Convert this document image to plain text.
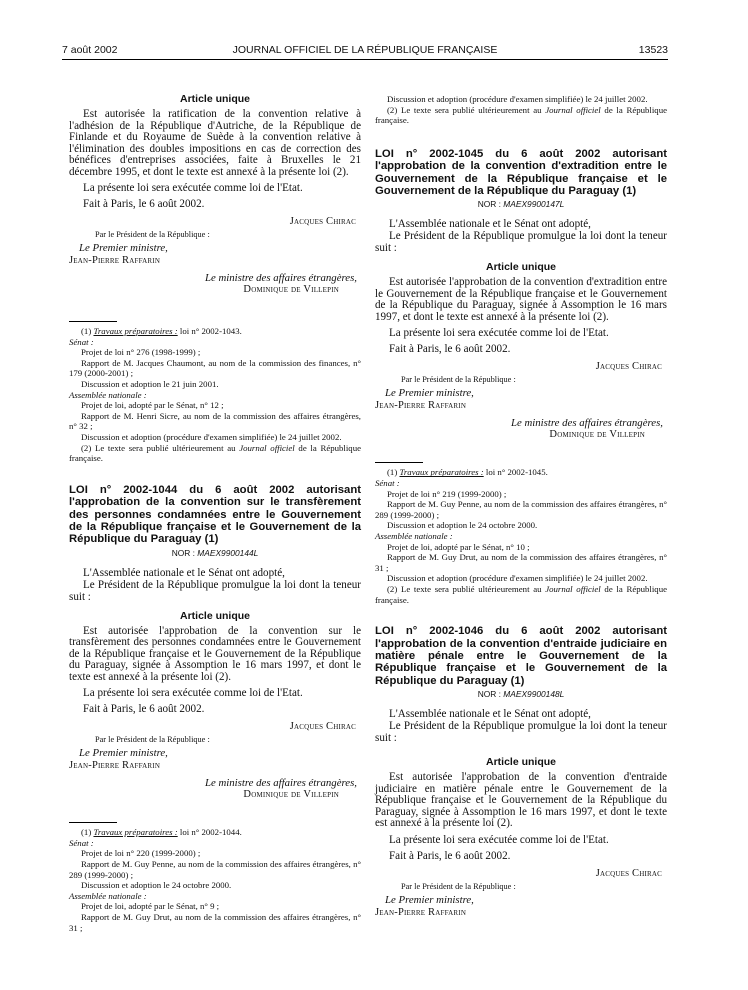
7 août 2002	JOURNAL OFFICIEL DE LA RÉPUBLIQUE FRANÇAISE	13523

Article unique

Est autorisée la ratification de la convention relative à l'adhésion de la République d'Autriche, de la République de Finlande et du Royaume de Suède à la convention relative à l'élimination des doubles impositions en cas de correction des bénéfices d'entreprises associées, faite à Bruxelles le 21 décembre 1995, et dont le texte est annexé à la présente loi (2).

La présente loi sera exécutée comme loi de l'Etat.

Fait à Paris, le 6 août 2002.

Jacques Chirac

Par le Président de la République :

Le Premier ministre,

Jean-Pierre Raffarin

Le ministre des affaires étrangères,

Dominique de Villepin

(1) Travaux préparatoires : loi n° 2002-1043.

Sénat :

Projet de loi n° 276 (1998-1999) ;

Rapport de M. Jacques Chaumont, au nom de la commission des finances, n° 179 (2000-2001) ;

Discussion et adoption le 21 juin 2001.

Assemblée nationale :

Projet de loi, adopté par le Sénat, n° 12 ;

Rapport de M. Henri Sicre, au nom de la commission des affaires étrangères, n° 32 ;

Discussion et adoption (procédure d'examen simplifiée) le 24 juillet 2002.

(2) Le texte sera publié ultérieurement au Journal officiel de la République française.

LOI n° 2002-1044 du 6 août 2002 autorisant l'approbation de la convention sur le transfèrement des personnes condamnées entre le Gouvernement de la République française et le Gouvernement de la République du Paraguay (1)

NOR : MAEX9900144L

L'Assemblée nationale et le Sénat ont adopté,

Le Président de la République promulgue la loi dont la teneur suit :

Article unique

Est autorisée l'approbation de la convention sur le transfèrement des personnes condamnées entre le Gouvernement de la République française et le Gouvernement de la République du Paraguay, signée à Assomption le 16 mars 1997, et dont le texte est annexé à la présente loi (2).

La présente loi sera exécutée comme loi de l'Etat.

Fait à Paris, le 6 août 2002.

Jacques Chirac

Par le Président de la République :

Le Premier ministre,

Jean-Pierre Raffarin

Le ministre des affaires étrangères,

Dominique de Villepin

(1) Travaux préparatoires : loi n° 2002-1044.

Sénat :

Projet de loi n° 220 (1999-2000) ;

Rapport de M. Guy Penne, au nom de la commission des affaires étrangères, n° 289 (1999-2000) ;

Discussion et adoption le 24 octobre 2000.

Assemblée nationale :

Projet de loi, adopté par le Sénat, n° 9 ;

Rapport de M. Guy Drut, au nom de la commission des affaires étrangères, n° 31 ;

Discussion et adoption (procédure d'examen simplifiée) le 24 juillet 2002.

(2) Le texte sera publié ultérieurement au Journal officiel de la République française.

LOI n° 2002-1045 du 6 août 2002 autorisant l'approbation de la convention d'extradition entre le Gouvernement de la République française et le Gouvernement de la République du Paraguay (1)

NOR : MAEX9900147L

L'Assemblée nationale et le Sénat ont adopté,

Le Président de la République promulgue la loi dont la teneur suit :

Article unique

Est autorisée l'approbation de la convention d'extradition entre le Gouvernement de la République française et le Gouvernement de la République du Paraguay, signée à Assomption le 16 mars 1997, et dont le texte est annexé à la présente loi (2).

La présente loi sera exécutée comme loi de l'Etat.

Fait à Paris, le 6 août 2002.

Jacques Chirac

Par le Président de la République :

Le Premier ministre,

Jean-Pierre Raffarin

Le ministre des affaires étrangères,

Dominique de Villepin

(1) Travaux préparatoires : loi n° 2002-1045.

Sénat :

Projet de loi n° 219 (1999-2000) ;

Rapport de M. Guy Penne, au nom de la commission des affaires étrangères, n° 289 (1999-2000) ;

Discussion et adoption le 24 octobre 2000.

Assemblée nationale :

Projet de loi, adopté par le Sénat, n° 10 ;

Rapport de M. Guy Drut, au nom de la commission des affaires étrangères, n° 31 ;

Discussion et adoption (procédure d'examen simplifiée) le 24 juillet 2002.

(2) Le texte sera publié ultérieurement au Journal officiel de la République française.

LOI n° 2002-1046 du 6 août 2002 autorisant l'approbation de la convention d'entraide judiciaire en matière pénale entre le Gouvernement de la République française et le Gouvernement de la République du Paraguay (1)

NOR : MAEX9900148L

L'Assemblée nationale et le Sénat ont adopté,

Le Président de la République promulgue la loi dont la teneur suit :

Article unique

Est autorisée l'approbation de la convention d'entraide judiciaire en matière pénale entre le Gouvernement de la République française et le Gouvernement de la République du Paraguay, signée à Assomption le 16 mars 1997, et dont le texte est annexé à la présente loi (2).

La présente loi sera exécutée comme loi de l'Etat.

Fait à Paris, le 6 août 2002.

Jacques Chirac

Par le Président de la République :

Le Premier ministre,

Jean-Pierre Raffarin
